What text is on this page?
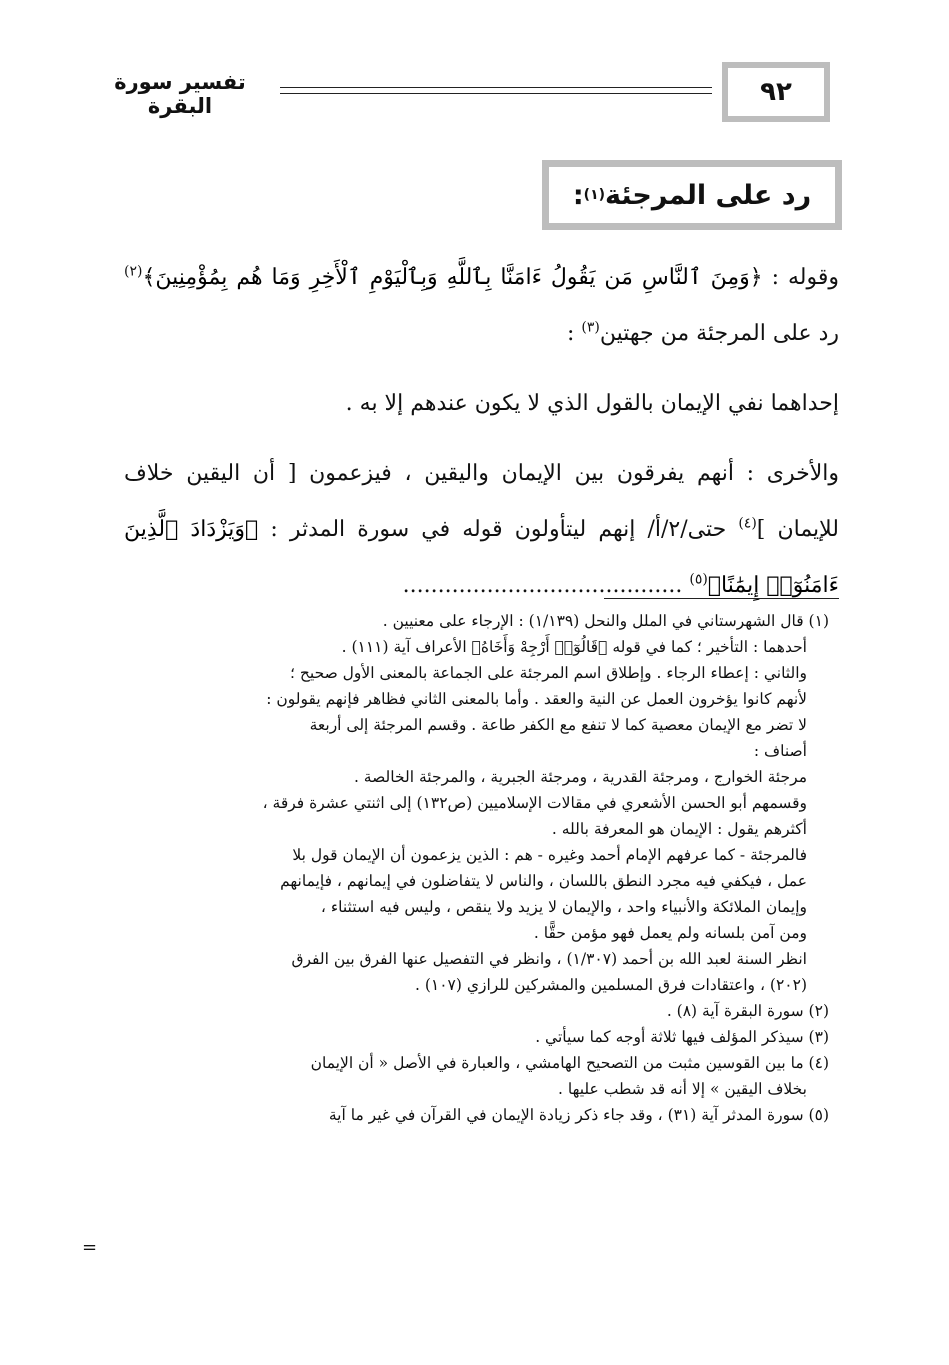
٩٢
تفسير سورة البقرة
رد على المرجئة
(١)
:

وقوله : ﴿وَمِنَ ٱلنَّاسِ مَن يَقُولُ ءَامَنَّا بِٱللَّهِ وَبِٱلْيَوْمِ ٱلْأَخِرِ وَمَا هُم بِمُؤْمِنِينَ﴾$^{(٢)}$ رد على المرجئة من جهتين$^{(٣)}$ :

إحداهما نفي الإيمان بالقول الذي لا يكون عندهم إلا به .

والأخرى : أنهم يفرقون بين الإيمان واليقين ، فيزعمون [ أن اليقين خلاف للإيمان ]$^{(٤)}$ حتى/٢/أ/ إنهم ليتأولون قوله في سورة المدثر : ﴿وَيَزْدَادَ ٱلَّذِينَ ءَامَنُوٓا۟ إِيمَٰنًا﴾$^{(٥)}$ ........................................

(١) قال الشهرستاني في الملل والنحل (١/١٣٩) : الإرجاء على معنيين .

أحدهما : التأخير ؛ كما في قوله ﴿قَالُوٓا۟ أَرْجِهْ وَأَخَاهُ﴾ الأعراف آية (١١١) .

والثاني : إعطاء الرجاء . وإطلاق اسم المرجئة على الجماعة بالمعنى الأول صحيح ؛

لأنهم كانوا يؤخرون العمل عن النية والعقد . وأما بالمعنى الثاني فظاهر فإنهم يقولون :

لا تضر مع الإيمان معصية كما لا تنفع مع الكفر طاعة . وقسم المرجئة إلى أربعة

أصناف :

مرجئة الخوارج ، ومرجئة القدرية ، ومرجئة الجبرية ، والمرجئة الخالصة .

وقسمهم أبو الحسن الأشعري في مقالات الإسلاميين (ص١٣٢) إلى اثنتي عشرة فرقة ،

أكثرهم يقول : الإيمان هو المعرفة بالله .

فالمرجئة - كما عرفهم الإمام أحمد وغيره - هم : الذين يزعمون أن الإيمان قول بلا

عمل ، فيكفي فيه مجرد النطق باللسان ، والناس لا يتفاضلون في إيمانهم ، فإيمانهم

وإيمان الملائكة والأنبياء واحد ، والإيمان لا يزيد ولا ينقص ، وليس فيه استثناء ،

ومن آمن بلسانه ولم يعمل فهو مؤمن حقًّا .

انظر السنة لعبد الله بن أحمد (١/٣٠٧) ، وانظر في التفصيل عنها الفرق بين الفرق

(٢٠٢) ، واعتقادات فرق المسلمين والمشركين للرازي (١٠٧) .

(٢) سورة البقرة آية (٨) .

(٣) سيذكر المؤلف فيها ثلاثة أوجه كما سيأتي .

(٤) ما بين القوسين مثبت من التصحيح الهامشي ، والعبارة في الأصل « أن الإيمان

بخلاف اليقين » إلا أنه قد شطب عليها .

(٥) سورة المدثر آية (٣١) ، وقد جاء ذكر زيادة الإيمان في القرآن في غير ما آية

=
